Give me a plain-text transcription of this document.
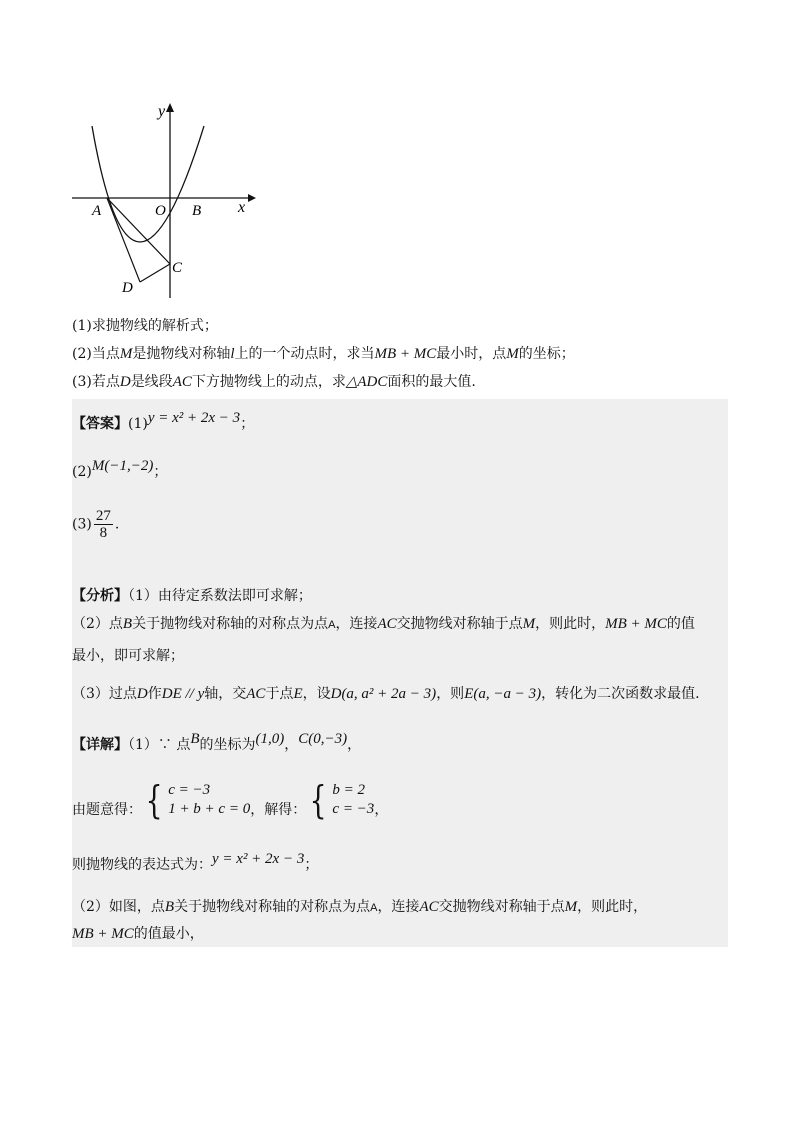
y
x
A	O B
C
D
(1)求抛物线的解析式；
(2)当点M是抛物线对称轴l上的一个动点时，求当MB + MC最小时，点M的坐标；
(3)若点D是线段AC下方抛物线上的动点，求△ADC面积的最大值.
【答案】(1)y = x² + 2x − 3；
(2)M(−1,−2)；
$(3) \frac{27}{8}$ .
【分析】（1）由待定系数法即可求解；
（2）点B关于抛物线对称轴的对称点为点A，连接AC交抛物线对称轴于点M，则此时，MB + MC的值
最小，即可求解；
（3）过点D作DE // y轴，交AC于点E，设D(a, a² + 2a − 3)，则E(a, −a − 3)，转化为二次函数求最值.
【详解】（1）∵ 点B的坐标为(1,0)，C(0,−3)，
由题意得： { c = −3
1 + b + c = 0 ，解得： { b = 2
c = −3 ，
则抛物线的表达式为：y = x² + 2x − 3；
（2）如图，点B关于抛物线对称轴的对称点为点A，连接AC交抛物线对称轴于点M，则此时，
MB + MC的值最小，
